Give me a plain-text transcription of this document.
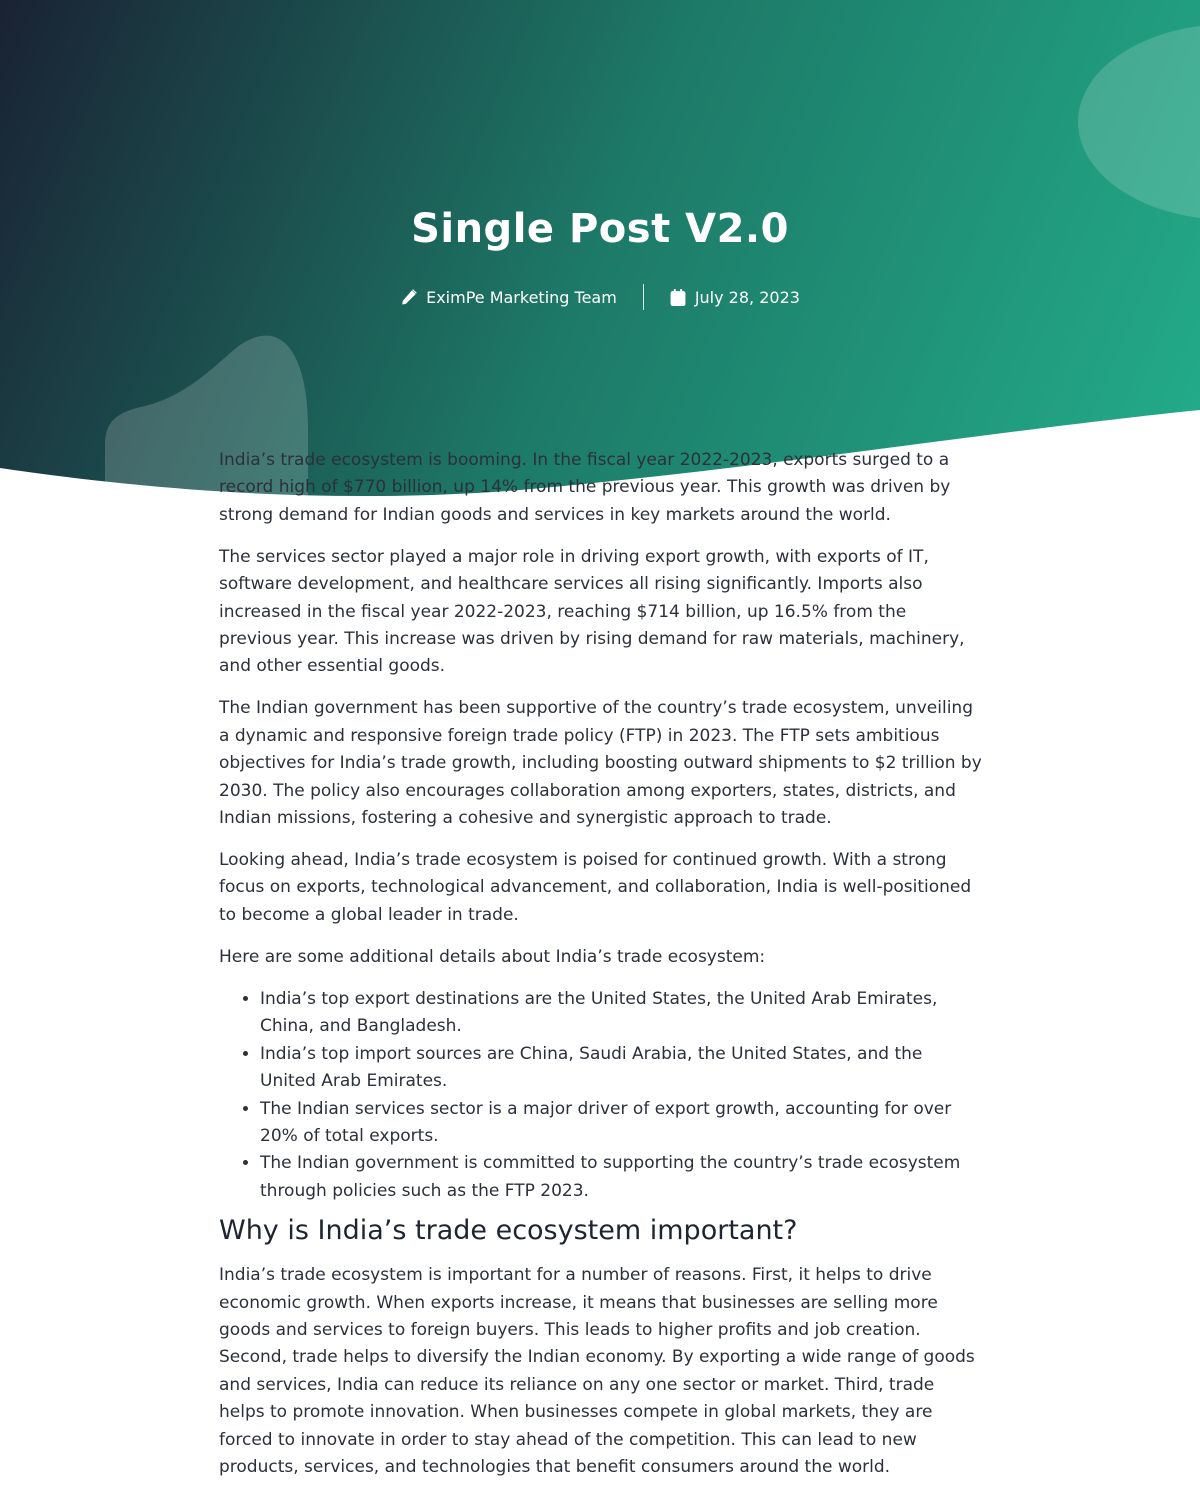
Single Post V2.0
EximPe Marketing Team	July 28, 2023

India’s trade ecosystem is booming. In the fiscal year 2022-2023, exports surged to a record high of $770 billion, up 14% from the previous year. This growth was driven by strong demand for Indian goods and services in key markets around the world.

The services sector played a major role in driving export growth, with exports of IT, software development, and healthcare services all rising significantly. Imports also increased in the fiscal year 2022-2023, reaching $714 billion, up 16.5% from the previous year. This increase was driven by rising demand for raw materials, machinery, and other essential goods.

The Indian government has been supportive of the country’s trade ecosystem, unveiling a dynamic and responsive foreign trade policy (FTP) in 2023. The FTP sets ambitious objectives for India’s trade growth, including boosting outward shipments to $2 trillion by 2030. The policy also encourages collaboration among exporters, states, districts, and Indian missions, fostering a cohesive and synergistic approach to trade.

Looking ahead, India’s trade ecosystem is poised for continued growth. With a strong focus on exports, technological advancement, and collaboration, India is well-positioned to become a global leader in trade.

Here are some additional details about India’s trade ecosystem:

• India’s top export destinations are the United States, the United Arab Emirates, China, and Bangladesh.
• India’s top import sources are China, Saudi Arabia, the United States, and the United Arab Emirates.
• The Indian services sector is a major driver of export growth, accounting for over 20% of total exports.
• The Indian government is committed to supporting the country’s trade ecosystem through policies such as the FTP 2023.
Why is India’s trade ecosystem important?

India’s trade ecosystem is important for a number of reasons. First, it helps to drive economic growth. When exports increase, it means that businesses are selling more goods and services to foreign buyers. This leads to higher profits and job creation. Second, trade helps to diversify the Indian economy. By exporting a wide range of goods and services, India can reduce its reliance on any one sector or market. Third, trade helps to promote innovation. When businesses compete in global markets, they are forced to innovate in order to stay ahead of the competition. This can lead to new products, services, and technologies that benefit consumers around the world.
